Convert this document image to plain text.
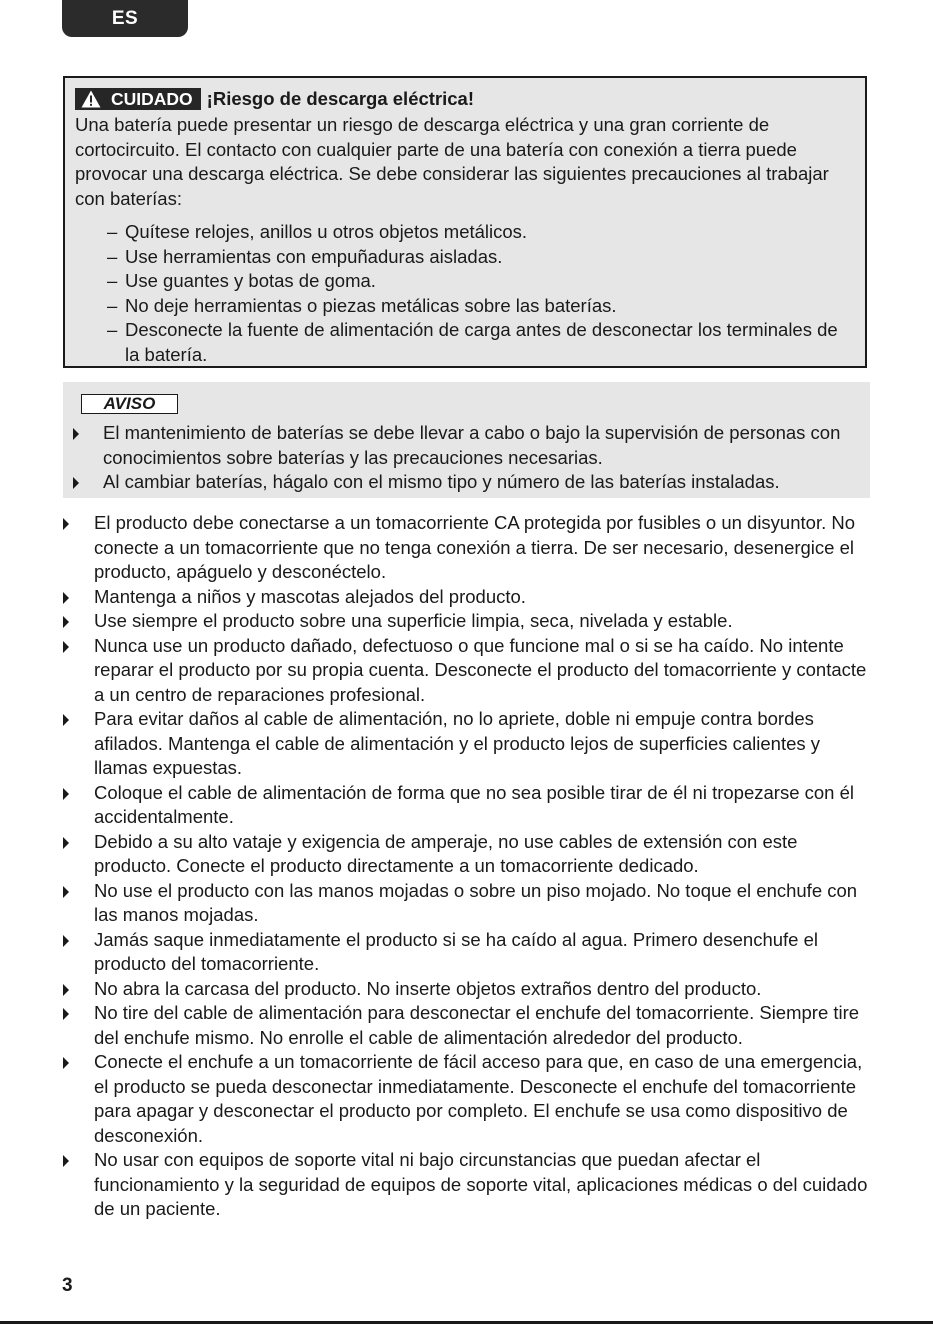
ES
CUIDADO ¡Riesgo de descarga eléctrica!

Una batería puede presentar un riesgo de descarga eléctrica y una gran corriente de cortocircuito. El contacto con cualquier parte de una batería con conexión a tierra puede provocar una descarga eléctrica. Se debe considerar las siguientes precauciones al trabajar con baterías:

– Quítese relojes, anillos u otros objetos metálicos.
– Use herramientas con empuñaduras aisladas.
– Use guantes y botas de goma.
– No deje herramientas o piezas metálicas sobre las baterías.
– Desconecte la fuente de alimentación de carga antes de desconectar los terminales de la batería.
AVISO
El mantenimiento de baterías se debe llevar a cabo o bajo la supervisión de personas con conocimientos sobre baterías y las precauciones necesarias.
Al cambiar baterías, hágalo con el mismo tipo y número de las baterías instaladas.
El producto debe conectarse a un tomacorriente CA protegida por fusibles o un disyuntor. No conecte a un tomacorriente que no tenga conexión a tierra. De ser necesario, desenergice el producto, apáguelo y desconéctelo.
Mantenga a niños y mascotas alejados del producto.
Use siempre el producto sobre una superficie limpia, seca, nivelada y estable.
Nunca use un producto dañado, defectuoso o que funcione mal o si se ha caído. No intente reparar el producto por su propia cuenta. Desconecte el producto del tomacorriente y contacte a un centro de reparaciones profesional.
Para evitar daños al cable de alimentación, no lo apriete, doble ni empuje contra bordes afilados. Mantenga el cable de alimentación y el producto lejos de superficies calientes y llamas expuestas.
Coloque el cable de alimentación de forma que no sea posible tirar de él ni tropezarse con él accidentalmente.
Debido a su alto vataje y exigencia de amperaje, no use cables de extensión con este producto. Conecte el producto directamente a un tomacorriente dedicado.
No use el producto con las manos mojadas o sobre un piso mojado. No toque el enchufe con las manos mojadas.
Jamás saque inmediatamente el producto si se ha caído al agua. Primero desenchufe el producto del tomacorriente.
No abra la carcasa del producto. No inserte objetos extraños dentro del producto.
No tire del cable de alimentación para desconectar el enchufe del tomacorriente. Siempre tire del enchufe mismo. No enrolle el cable de alimentación alrededor del producto.
Conecte el enchufe a un tomacorriente de fácil acceso para que, en caso de una emergencia, el producto se pueda desconectar inmediatamente. Desconecte el enchufe del tomacorriente para apagar y desconectar el producto por completo. El enchufe se usa como dispositivo de desconexión.
No usar con equipos de soporte vital ni bajo circunstancias que puedan afectar el funcionamiento y la seguridad de equipos de soporte vital, aplicaciones médicas o del cuidado de un paciente.
3
